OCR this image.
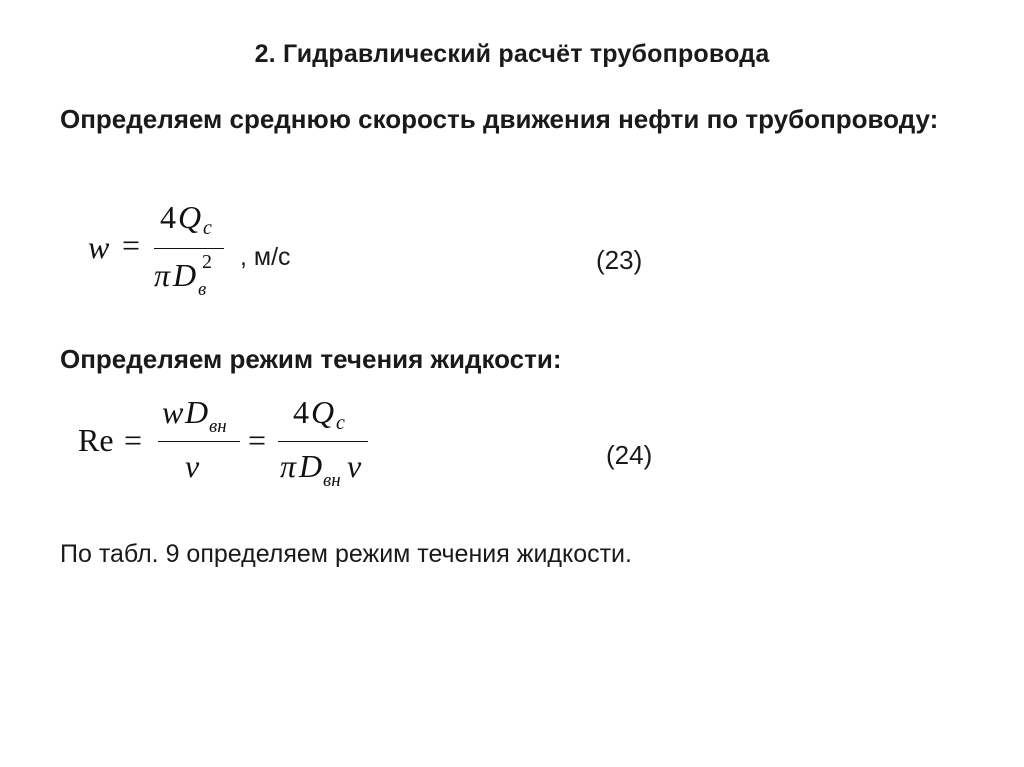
2. Гидравлический расчёт трубопровода
Определяем среднюю скорость движения нефти по трубопроводу:
w =
4 Q c
π D в
2 , м/с	(23)
Определяем режим течения жидкости:
Re =
w D вн
ν
=
4 Q c
π D вн ν	(24)
По табл. 9 определяем режим течения жидкости.
